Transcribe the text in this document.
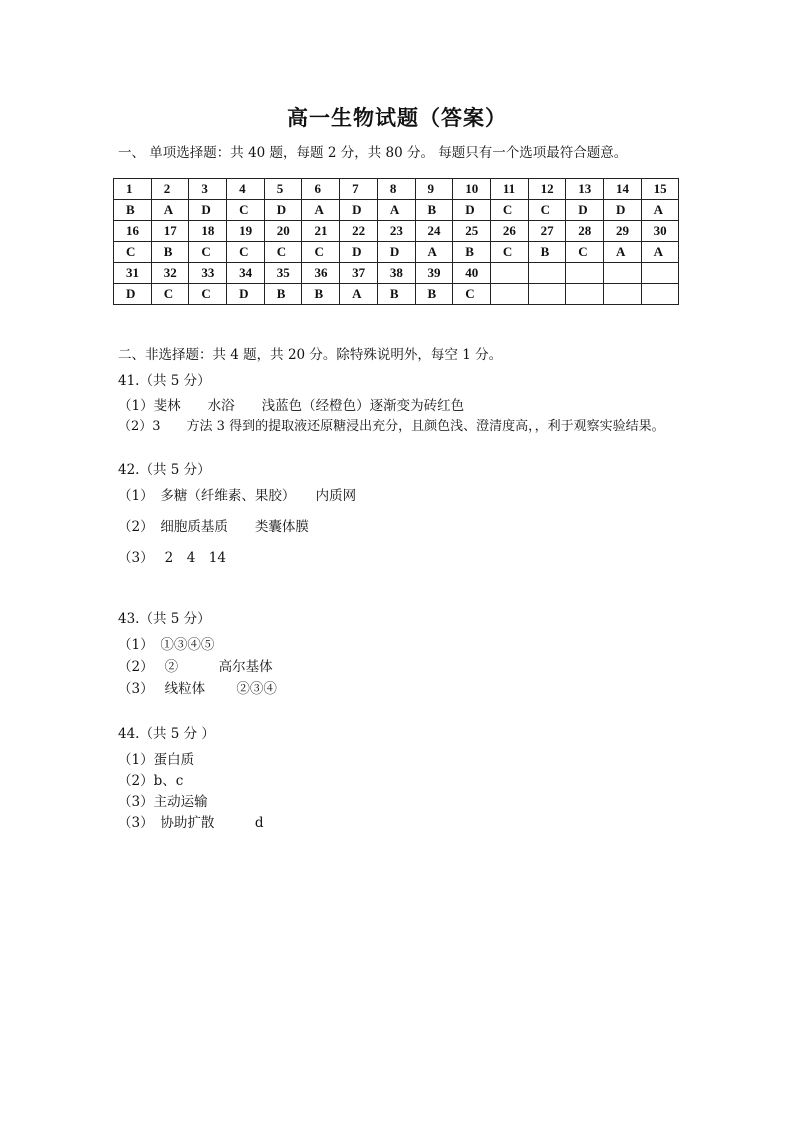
高一生物试题（答案）
一、 单项选择题：共 40 题，每题 2 分，共 80 分。 每题只有一个选项最符合题意。
1	2	3	4	5	6	7	8	9	10	11	12	13	14	15
B	A	D	C	D	A	D	A	B	D	C	C	D	D	A
16	17	18	19	20	21	22	23	24	25	26	27	28	29	30
C	B	C	C	C	C	D	D	A	B	C	B	C	A	A
31	32	33	34	35	36	37	38	39	40					
D	C	C	D	B	B	A	B	B	C					
二、非选择题：共 4 题，共 20 分。除特殊说明外，每空 1 分。
41.（共 5 分）
（1）斐林　　水浴　　浅蓝色（经橙色）逐渐变为砖红色
（2）3　　方法 3 得到的提取液还原糖浸出充分，且颜色浅、澄清度高，，利于观察实验结果。
42.（共 5 分）
（1）　多糖（纤维素、果胶）　　内质网
（2）　细胞质基质　　类囊体膜
（3）　 2　4　14
43.（共 5 分）
（1）　①③④⑤
（2）　 ②　　　高尔基体
（3）　 线粒体　　 ②③④
44.（共 5 分 ）
（1）蛋白质
（2）b、c
（3）主动运输
（3）　协助扩散　　　d
